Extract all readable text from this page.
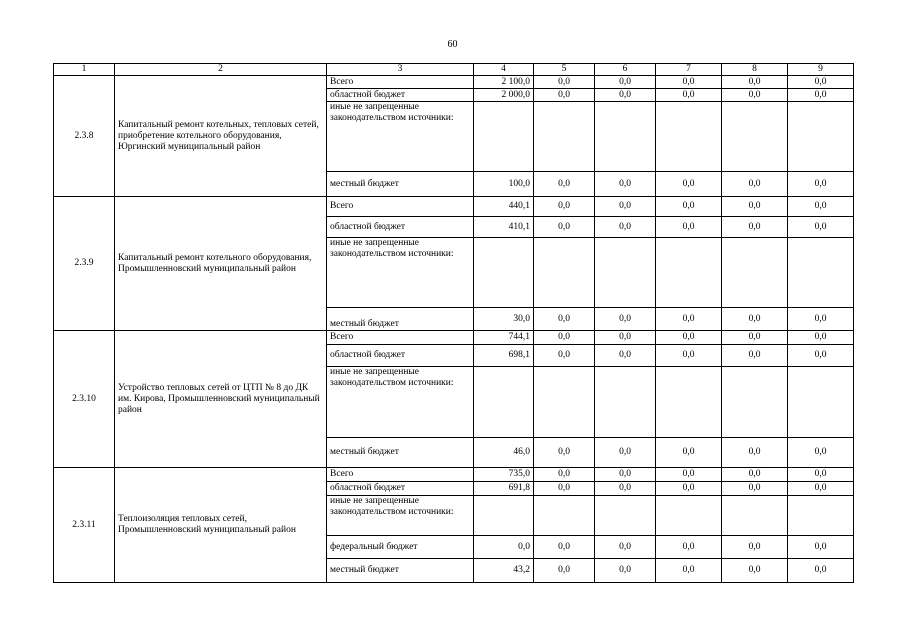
60
1	2	3	4	5	6	7	8	9
2.3.8	Капитальный ремонт котельных, тепловых сетей, приобретение котельного оборудования, Юргинский муниципальный район	Всего	2 100,0	0,0	0,0	0,0	0,0	0,0
		областной бюджет	2 000,0	0,0	0,0	0,0	0,0	0,0
		иные не запрещенные законодательством источники:						
		местный бюджет	100,0	0,0	0,0	0,0	0,0	0,0
2.3.9	Капитальный ремонт котельного оборудования, Промышленновский муниципальный район	Всего	440,1	0,0	0,0	0,0	0,0	0,0
		областной бюджет	410,1	0,0	0,0	0,0	0,0	0,0
		иные не запрещенные законодательством источники:						
		местный бюджет	30,0	0,0	0,0	0,0	0,0	0,0
2.3.10	Устройство тепловых сетей от ЦТП № 8 до ДК им. Кирова, Промышленновский муниципальный район	Всего	744,1	0,0	0,0	0,0	0,0	0,0
		областной бюджет	698,1	0,0	0,0	0,0	0,0	0,0
		иные не запрещенные законодательством источники:						
		местный бюджет	46,0	0,0	0,0	0,0	0,0	0,0
2.3.11	Теплоизоляция тепловых сетей, Промышленновский муниципальный район	Всего	735,0	0,0	0,0	0,0	0,0	0,0
		областной бюджет	691,8	0,0	0,0	0,0	0,0	0,0
		иные не запрещенные законодательством источники:						
		федеральный бюджет	0,0	0,0	0,0	0,0	0,0	0,0
		местный бюджет	43,2	0,0	0,0	0,0	0,0	0,0
